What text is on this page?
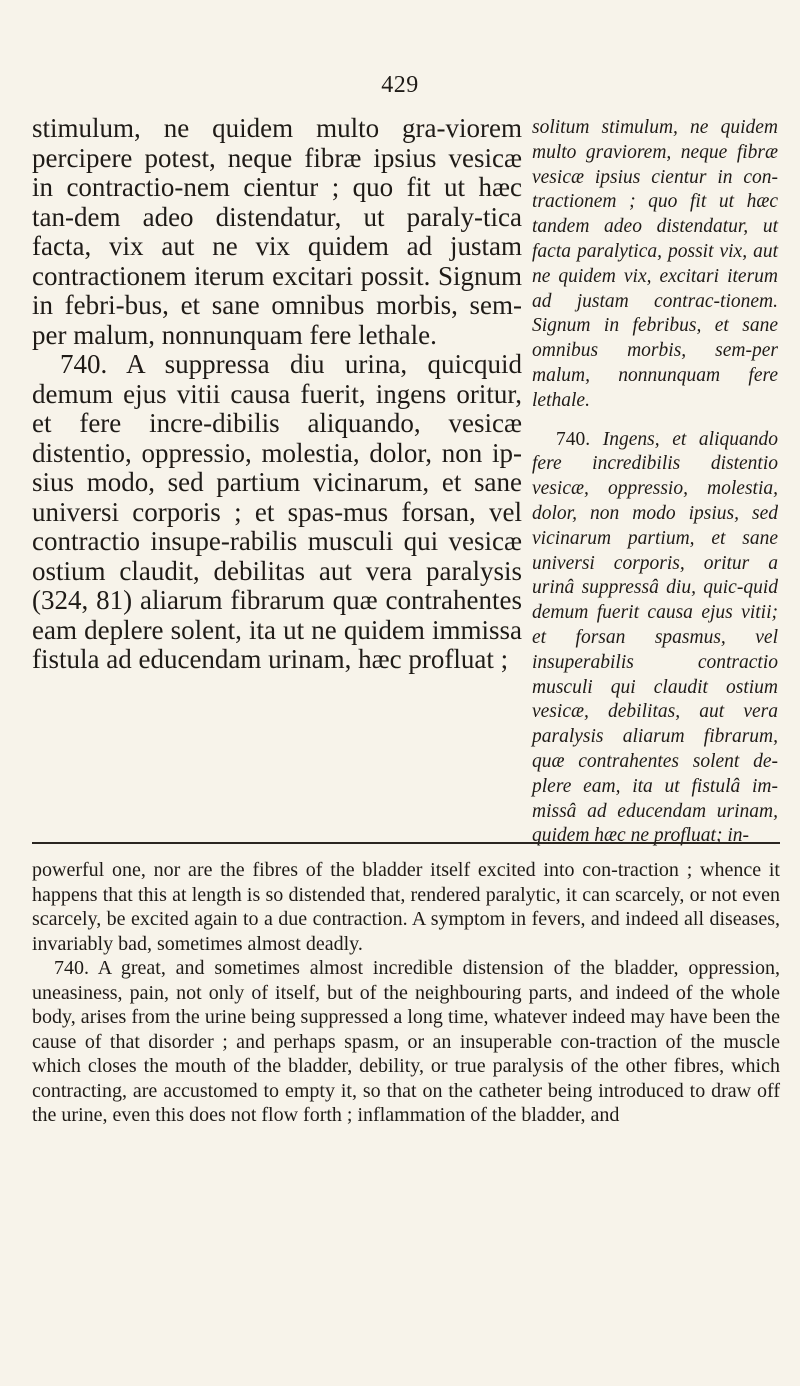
429

stimulum, ne quidem multo gra-viorem percipere potest, neque fibræ ipsius vesicæ in contractio-nem cientur ; quo fit ut hæc tan-dem adeo distendatur, ut paraly-tica facta, vix aut ne vix quidem ad justam contractionem iterum excitari possit. Signum in febri-bus, et sane omnibus morbis, sem-per malum, nonnunquam fere lethale.

740. A suppressa diu urina, quicquid demum ejus vitii causa fuerit, ingens oritur, et fere incre-dibilis aliquando, vesicæ distentio, oppressio, molestia, dolor, non ip-sius modo, sed partium vicinarum, et sane universi corporis ; et spas-mus forsan, vel contractio insupe-rabilis musculi qui vesicæ ostium claudit, debilitas aut vera paralysis (324, 81) aliarum fibrarum quæ contrahentes eam deplere solent, ita ut ne quidem immissa fistula ad educendam urinam, hæc profluat ;

solitum stimulum, ne quidem multo graviorem, neque fibræ vesicæ ipsius cientur in con-tractionem ; quo fit ut hæc tandem adeo distendatur, ut facta paralytica, possit vix, aut ne quidem vix, excitari iterum ad justam contrac-tionem. Signum in febribus, et sane omnibus morbis, sem-per malum, nonnunquam fere lethale.

740. Ingens, et aliquando fere incredibilis distentio vesicæ, oppressio, molestia, dolor, non modo ipsius, sed vicinarum partium, et sane universi corporis, oritur a urinâ suppressâ diu, quic-quid demum fuerit causa ejus vitii; et forsan spasmus, vel insuperabilis contractio musculi qui claudit ostium vesicæ, debilitas, aut vera paralysis aliarum fibrarum, quæ contrahentes solent de-plere eam, ita ut fistulâ im-missâ ad educendam urinam, quidem hæc ne profluat; in-

powerful one, nor are the fibres of the bladder itself excited into con-traction ; whence it happens that this at length is so distended that, rendered paralytic, it can scarcely, or not even scarcely, be excited again to a due contraction. A symptom in fevers, and indeed all diseases, invariably bad, sometimes almost deadly.

740. A great, and sometimes almost incredible distension of the bladder, oppression, uneasiness, pain, not only of itself, but of the neighbouring parts, and indeed of the whole body, arises from the urine being suppressed a long time, whatever indeed may have been the cause of that disorder ; and perhaps spasm, or an insuperable con-traction of the muscle which closes the mouth of the bladder, debility, or true paralysis of the other fibres, which contracting, are accustomed to empty it, so that on the catheter being introduced to draw off the urine, even this does not flow forth ; inflammation of the bladder, and
